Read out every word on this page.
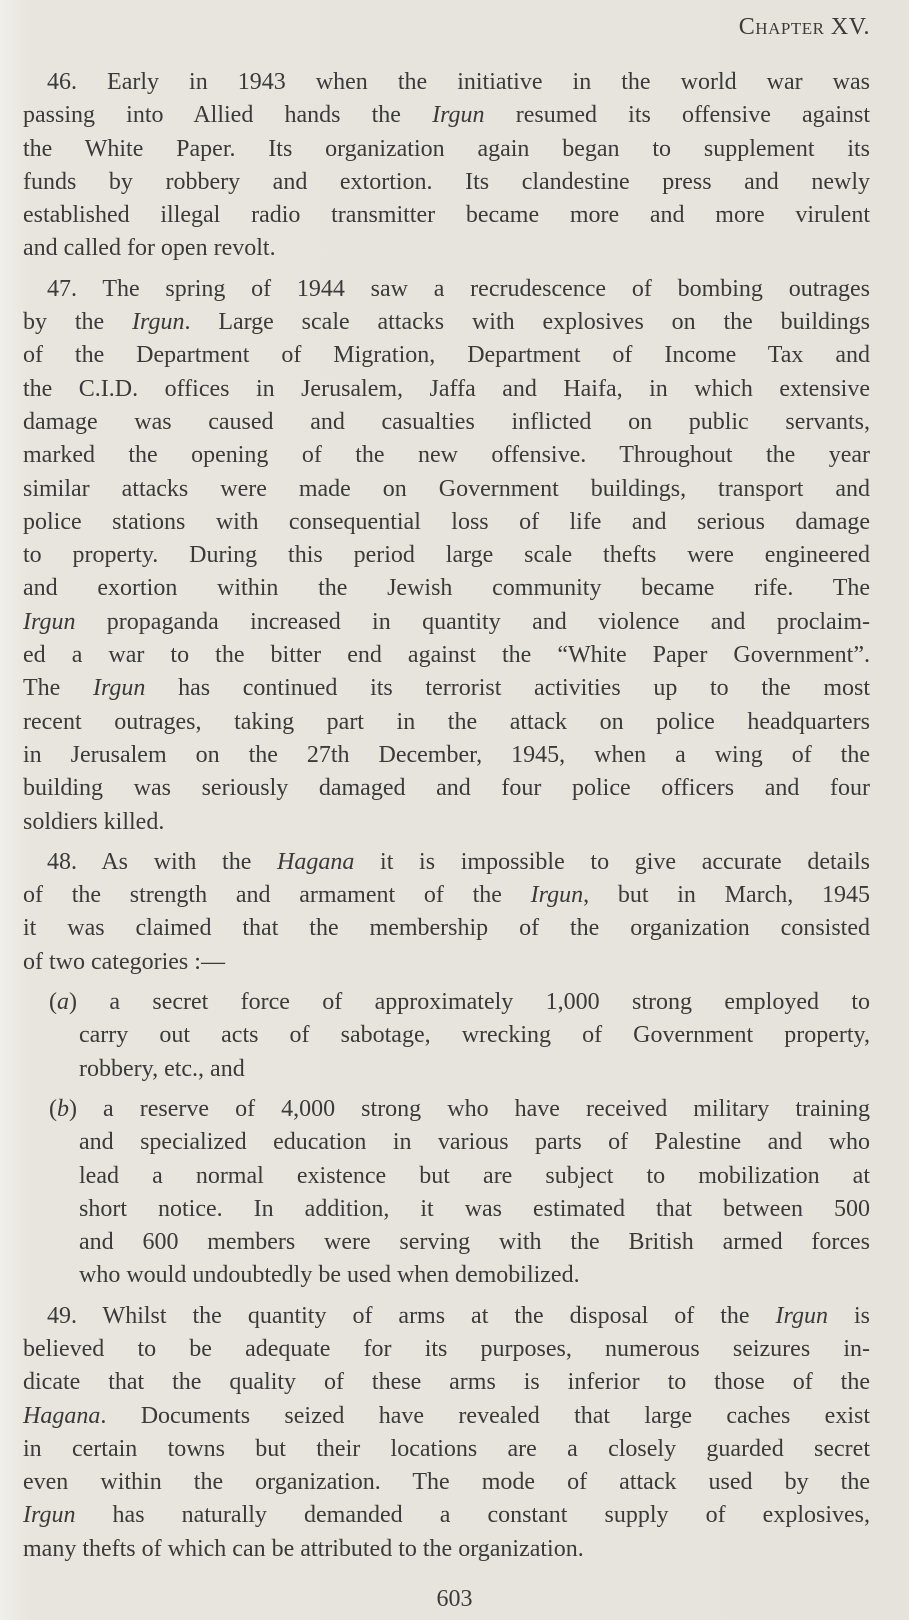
Chapter XV.
46. Early in 1943 when the initiative in the world war was
passing into Allied hands the Irgun resumed its offensive against
the White Paper. Its organization again began to supplement its
funds by robbery and extortion. Its clandestine press and newly
established illegal radio transmitter became more and more virulent
and called for open revolt.
47. The spring of 1944 saw a recrudescence of bombing outrages
by the Irgun. Large scale attacks with explosives on the buildings
of the Department of Migration, Department of Income Tax and
the C.I.D. offices in Jerusalem, Jaffa and Haifa, in which extensive
damage was caused and casualties inflicted on public servants,
marked the opening of the new offensive. Throughout the year
similar attacks were made on Government buildings, transport and
police stations with consequential loss of life and serious damage
to property. During this period large scale thefts were engineered
and exortion within the Jewish community became rife. The
Irgun propaganda increased in quantity and violence and proclaim-
ed a war to the bitter end against the “White Paper Government”.
The Irgun has continued its terrorist activities up to the most
recent outrages, taking part in the attack on police headquarters
in Jerusalem on the 27th December, 1945, when a wing of the
building was seriously damaged and four police officers and four
soldiers killed.
48. As with the Hagana it is impossible to give accurate details
of the strength and armament of the Irgun, but in March, 1945
it was claimed that the membership of the organization consisted
of two categories :—
(a) a secret force of approximately 1,000 strong employed to
carry out acts of sabotage, wrecking of Government property,
robbery, etc., and
(b) a reserve of 4,000 strong who have received military training
and specialized education in various parts of Palestine and who
lead a normal existence but are subject to mobilization at
short notice. In addition, it was estimated that between 500
and 600 members were serving with the British armed forces
who would undoubtedly be used when demobilized.
49. Whilst the quantity of arms at the disposal of the Irgun is
believed to be adequate for its purposes, numerous seizures in-
dicate that the quality of these arms is inferior to those of the
Hagana. Documents seized have revealed that large caches exist
in certain towns but their locations are a closely guarded secret
even within the organization. The mode of attack used by the
Irgun has naturally demanded a constant supply of explosives,
many thefts of which can be attributed to the organization.
603
